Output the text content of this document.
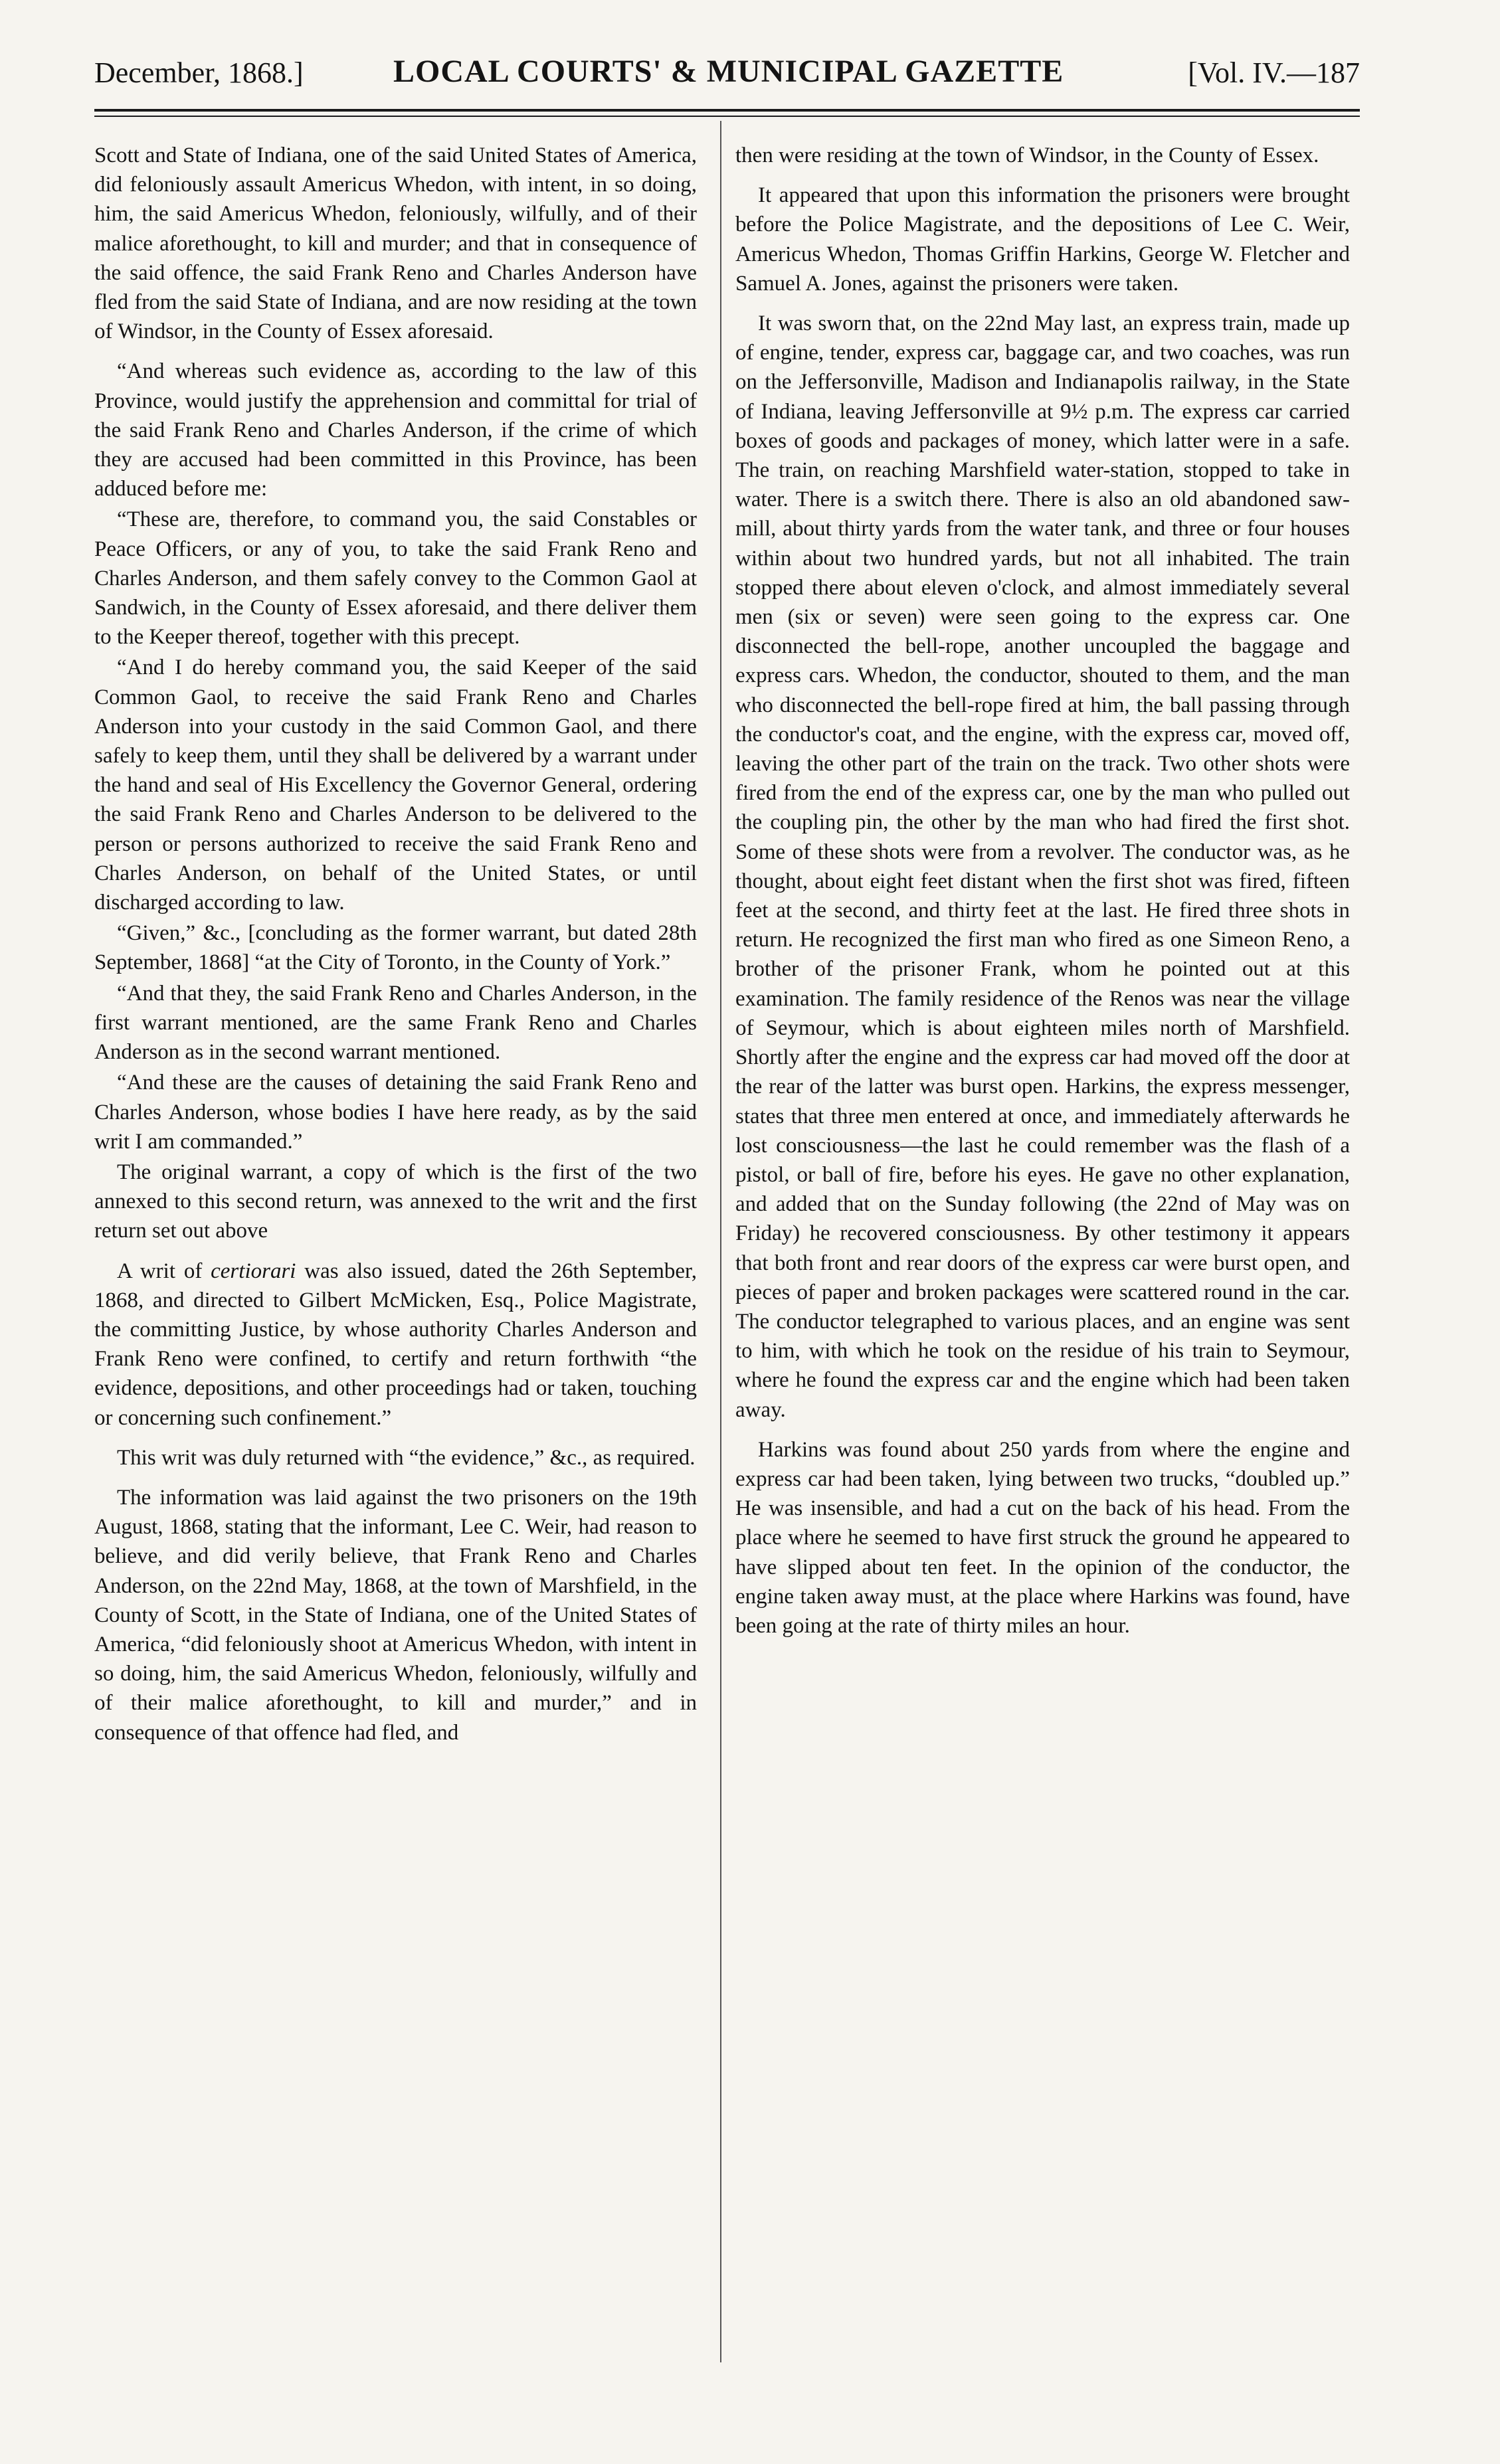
December, 1868.]	LOCAL COURTS' & MUNICIPAL GAZETTE	[Vol. IV.—187

Scott and State of Indiana, one of the said United States of America, did feloniously assault Americus Whedon, with intent, in so doing, him, the said Americus Whedon, feloniously, wilfully, and of their malice aforethought, to kill and murder; and that in consequence of the said offence, the said Frank Reno and Charles Anderson have fled from the said State of Indiana, and are now residing at the town of Windsor, in the County of Essex aforesaid.

“And whereas such evidence as, according to the law of this Province, would justify the apprehension and committal for trial of the said Frank Reno and Charles Anderson, if the crime of which they are accused had been committed in this Province, has been adduced before me:

“These are, therefore, to command you, the said Constables or Peace Officers, or any of you, to take the said Frank Reno and Charles Anderson, and them safely convey to the Common Gaol at Sandwich, in the County of Essex aforesaid, and there deliver them to the Keeper thereof, together with this precept.

“And I do hereby command you, the said Keeper of the said Common Gaol, to receive the said Frank Reno and Charles Anderson into your custody in the said Common Gaol, and there safely to keep them, until they shall be delivered by a warrant under the hand and seal of His Excellency the Governor General, ordering the said Frank Reno and Charles Anderson to be delivered to the person or persons authorized to receive the said Frank Reno and Charles Anderson, on behalf of the United States, or until discharged according to law.

“Given,” &c., [concluding as the former warrant, but dated 28th September, 1868] “at the City of Toronto, in the County of York.”

“And that they, the said Frank Reno and Charles Anderson, in the first warrant mentioned, are the same Frank Reno and Charles Anderson as in the second warrant mentioned.

“And these are the causes of detaining the said Frank Reno and Charles Anderson, whose bodies I have here ready, as by the said writ I am commanded.”

The original warrant, a copy of which is the first of the two annexed to this second return, was annexed to the writ and the first return set out above

A writ of certiorari was also issued, dated the 26th September, 1868, and directed to Gilbert McMicken, Esq., Police Magistrate, the committing Justice, by whose authority Charles Anderson and Frank Reno were confined, to certify and return forthwith “the evidence, depositions, and other proceedings had or taken, touching or concerning such confinement.”

This writ was duly returned with “the evidence,” &c., as required.

The information was laid against the two prisoners on the 19th August, 1868, stating that the informant, Lee C. Weir, had reason to believe, and did verily believe, that Frank Reno and Charles Anderson, on the 22nd May, 1868, at the town of Marshfield, in the County of Scott, in the State of Indiana, one of the United States of America, “did feloniously shoot at Americus Whedon, with intent in so doing, him, the said Americus Whedon, feloniously, wilfully and of their malice aforethought, to kill and murder,” and in consequence of that offence had fled, and

then were residing at the town of Windsor, in the County of Essex.

It appeared that upon this information the prisoners were brought before the Police Magistrate, and the depositions of Lee C. Weir, Americus Whedon, Thomas Griffin Harkins, George W. Fletcher and Samuel A. Jones, against the prisoners were taken.

It was sworn that, on the 22nd May last, an express train, made up of engine, tender, express car, baggage car, and two coaches, was run on the Jeffersonville, Madison and Indianapolis railway, in the State of Indiana, leaving Jeffersonville at 9½ p.m. The express car carried boxes of goods and packages of money, which latter were in a safe. The train, on reaching Marshfield water-station, stopped to take in water. There is a switch there. There is also an old abandoned saw-mill, about thirty yards from the water tank, and three or four houses within about two hundred yards, but not all inhabited. The train stopped there about eleven o'clock, and almost immediately several men (six or seven) were seen going to the express car. One disconnected the bell-rope, another uncoupled the baggage and express cars. Whedon, the conductor, shouted to them, and the man who disconnected the bell-rope fired at him, the ball passing through the conductor's coat, and the engine, with the express car, moved off, leaving the other part of the train on the track. Two other shots were fired from the end of the express car, one by the man who pulled out the coupling pin, the other by the man who had fired the first shot. Some of these shots were from a revolver. The conductor was, as he thought, about eight feet distant when the first shot was fired, fifteen feet at the second, and thirty feet at the last. He fired three shots in return. He recognized the first man who fired as one Simeon Reno, a brother of the prisoner Frank, whom he pointed out at this examination. The family residence of the Renos was near the village of Seymour, which is about eighteen miles north of Marshfield. Shortly after the engine and the express car had moved off the door at the rear of the latter was burst open. Harkins, the express messenger, states that three men entered at once, and immediately afterwards he lost consciousness—the last he could remember was the flash of a pistol, or ball of fire, before his eyes. He gave no other explanation, and added that on the Sunday following (the 22nd of May was on Friday) he recovered consciousness. By other testimony it appears that both front and rear doors of the express car were burst open, and pieces of paper and broken packages were scattered round in the car. The conductor telegraphed to various places, and an engine was sent to him, with which he took on the residue of his train to Seymour, where he found the express car and the engine which had been taken away.

Harkins was found about 250 yards from where the engine and express car had been taken, lying between two trucks, “doubled up.” He was insensible, and had a cut on the back of his head. From the place where he seemed to have first struck the ground he appeared to have slipped about ten feet. In the opinion of the conductor, the engine taken away must, at the place where Harkins was found, have been going at the rate of thirty miles an hour.
